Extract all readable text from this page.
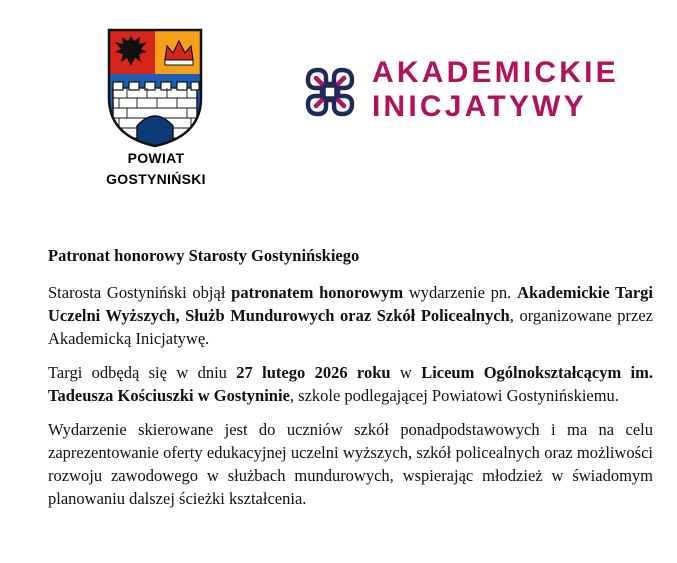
POWIAT
GOSTYNIŃSKI
AKADEMICKIE
INICJATYWY

Patronat honorowy Starosty Gostynińskiego

Starosta Gostyniński objął patronatem honorowym wydarzenie pn. Akademickie Targi Uczelni Wyższych, Służb Mundurowych oraz Szkół Policealnych, organizowane przez Akademicką Inicjatywę.

Targi odbędą się w dniu 27 lutego 2026 roku w Liceum Ogólnokształcącym im. Tadeusza Kościuszki w Gostyninie, szkole podlegającej Powiatowi Gostynińskiemu.

Wydarzenie skierowane jest do uczniów szkół ponadpodstawowych i ma na celu zaprezentowanie oferty edukacyjnej uczelni wyższych, szkół policealnych oraz możliwości rozwoju zawodowego w służbach mundurowych, wspierając młodzież w świadomym planowaniu dalszej ścieżki kształcenia.
